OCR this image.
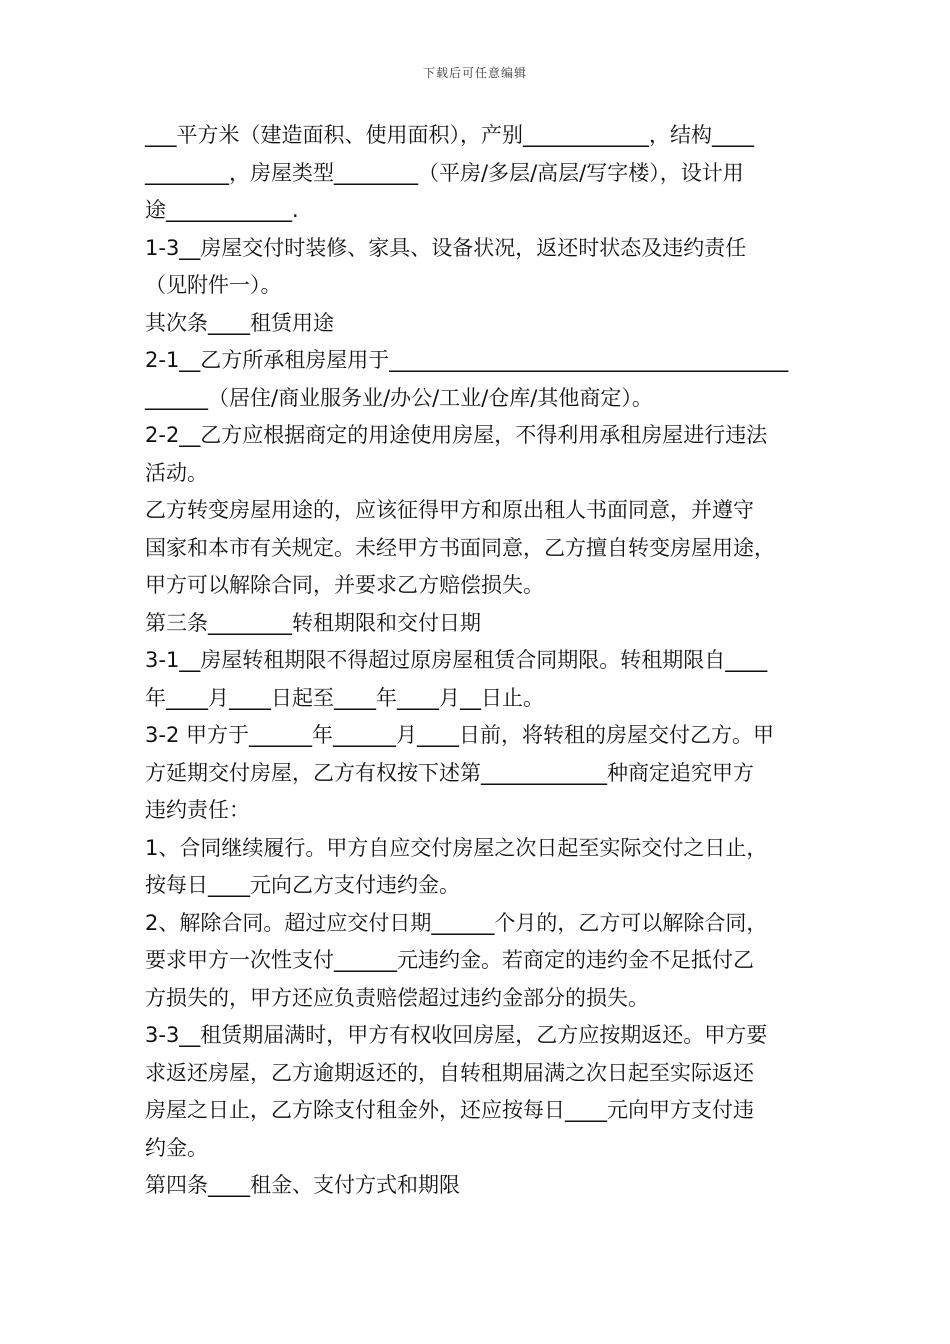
下载后可任意编辑
___平方米（建造面积、使用面积），产别____________，结构____
________，房屋类型________（平房/多层/高层/写字楼），设计用
途____________.
1-3__房屋交付时装修、家具、设备状况，返还时状态及违约责任
（见附件一）。
其次条____租赁用途
2-1__乙方所承租房屋用于______________________________________
______（居住/商业服务业/办公/工业/仓库/其他商定）。
2-2__乙方应根据商定的用途使用房屋，不得利用承租房屋进行违法
活动。
乙方转变房屋用途的，应该征得甲方和原出租人书面同意，并遵守
国家和本市有关规定。未经甲方书面同意，乙方擅自转变房屋用途，
甲方可以解除合同，并要求乙方赔偿损失。
第三条________转租期限和交付日期
3-1__房屋转租期限不得超过原房屋租赁合同期限。转租期限自____
年____月____日起至____年____月__日止。
3-2 甲方于______年______月____日前，将转租的房屋交付乙方。甲
方延期交付房屋，乙方有权按下述第____________种商定追究甲方
违约责任：
1、合同继续履行。甲方自应交付房屋之次日起至实际交付之日止，
按每日____元向乙方支付违约金。
2、解除合同。超过应交付日期______个月的，乙方可以解除合同，
要求甲方一次性支付______元违约金。若商定的违约金不足抵付乙
方损失的，甲方还应负责赔偿超过违约金部分的损失。
3-3__租赁期届满时，甲方有权收回房屋，乙方应按期返还。甲方要
求返还房屋，乙方逾期返还的，自转租期届满之次日起至实际返还
房屋之日止，乙方除支付租金外，还应按每日____元向甲方支付违
约金。
第四条____租金、支付方式和期限
